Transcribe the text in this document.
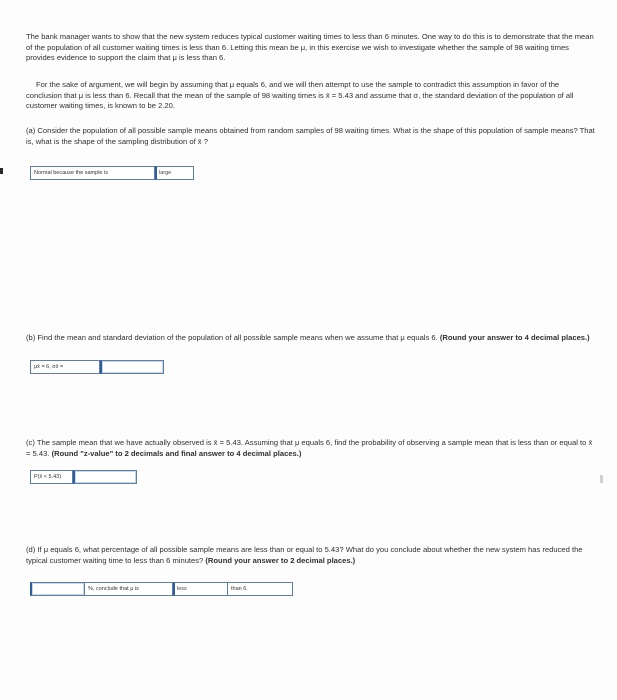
The bank manager wants to show that the new system reduces typical customer waiting times to less than 6 minutes. One way to do this is to demonstrate that the mean of the population of all customer waiting times is less than 6. Letting this mean be μ, in this exercise we wish to investigate whether the sample of 98 waiting times provides evidence to support the claim that μ is less than 6.

For the sake of argument, we will begin by assuming that μ equals 6, and we will then attempt to use the sample to contradict this assumption in favor of the conclusion that μ is less than 6. Recall that the mean of the sample of 98 waiting times is x̄ = 5.43 and assume that σ, the standard deviation of the population of all customer waiting times, is known to be 2.20.

(a) Consider the population of all possible sample means obtained from random samples of 98 waiting times. What is the shape of this population of sample means? That is, what is the shape of the sampling distribution of x̄ ?

Normal because the sample is	large

(b) Find the mean and standard deviation of the population of all possible sample means when we assume that μ equals 6. (Round your answer to 4 decimal places.)

μx̄ = 6, σx̄ =

(c) The sample mean that we have actually observed is x̄ = 5.43. Assuming that μ equals 6, find the probability of observing a sample mean that is less than or equal to x̄ = 5.43. (Round "z-value" to 2 decimals and final answer to 4 decimal places.)

P(x̄ < 5.43)

(d) If μ equals 6, what percentage of all possible sample means are less than or equal to 5.43? What do you conclude about whether the new system has reduced the typical customer waiting time to less than 6 minutes? (Round your answer to 2 decimal places.)

%, conclude that μ is	less	than 6.
